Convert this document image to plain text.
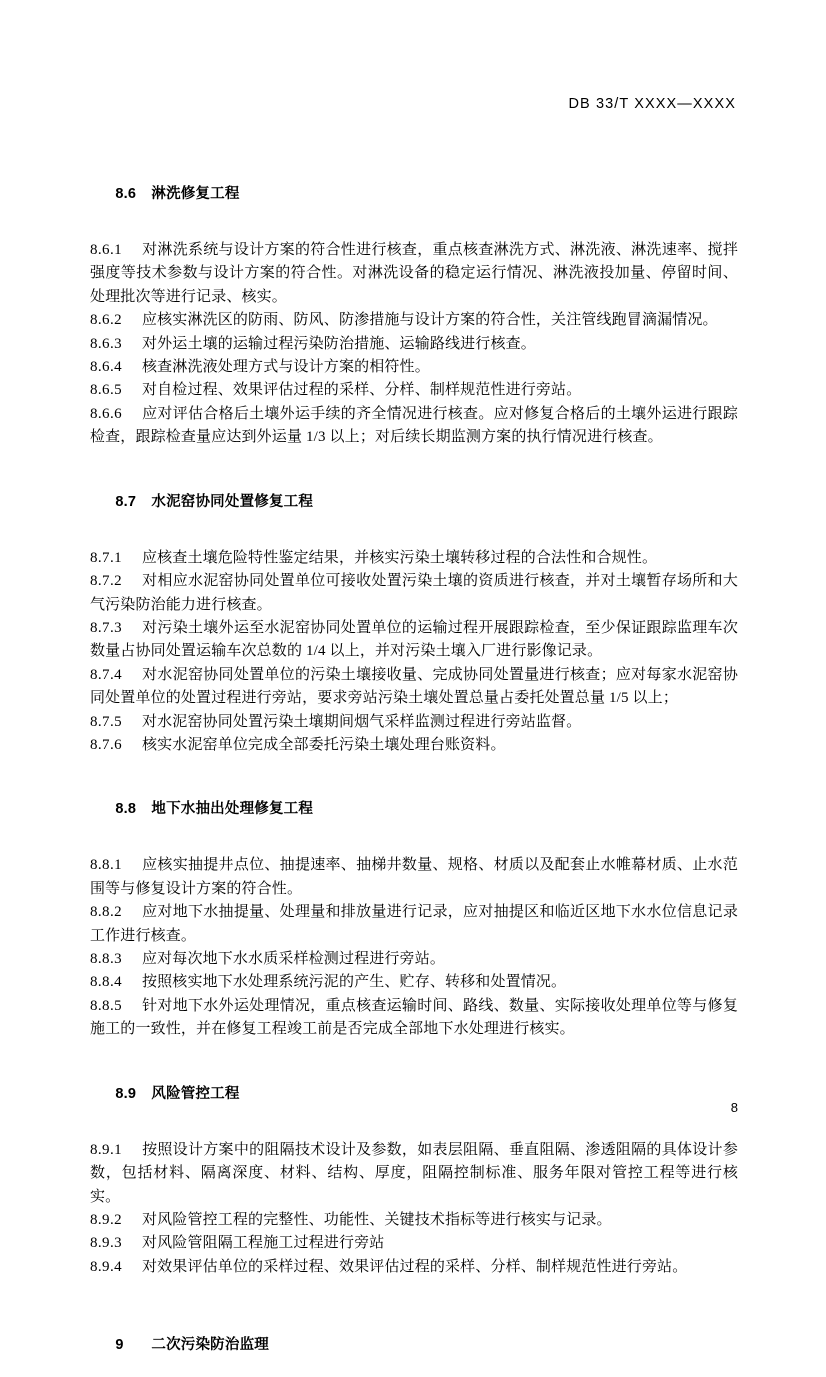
DB 33/T XXXX—XXXX

8.6 淋洗修复工程

8.6.1 对淋洗系统与设计方案的符合性进行核查，重点核查淋洗方式、淋洗液、淋洗速率、搅拌强度等技术参数与设计方案的符合性。对淋洗设备的稳定运行情况、淋洗液投加量、停留时间、处理批次等进行记录、核实。

8.6.2 应核实淋洗区的防雨、防风、防渗措施与设计方案的符合性，关注管线跑冒滴漏情况。

8.6.3 对外运土壤的运输过程污染防治措施、运输路线进行核查。

8.6.4 核查淋洗液处理方式与设计方案的相符性。

8.6.5 对自检过程、效果评估过程的采样、分样、制样规范性进行旁站。

8.6.6 应对评估合格后土壤外运手续的齐全情况进行核查。应对修复合格后的土壤外运进行跟踪检查，跟踪检查量应达到外运量 1/3 以上；对后续长期监测方案的执行情况进行核查。

8.7 水泥窑协同处置修复工程

8.7.1 应核查土壤危险特性鉴定结果，并核实污染土壤转移过程的合法性和合规性。

8.7.2 对相应水泥窑协同处置单位可接收处置污染土壤的资质进行核查，并对土壤暂存场所和大气污染防治能力进行核查。

8.7.3 对污染土壤外运至水泥窑协同处置单位的运输过程开展跟踪检查，至少保证跟踪监理车次数量占协同处置运输车次总数的 1/4 以上，并对污染土壤入厂进行影像记录。

8.7.4 对水泥窑协同处置单位的污染土壤接收量、完成协同处置量进行核查；应对每家水泥窑协同处置单位的处置过程进行旁站，要求旁站污染土壤处置总量占委托处置总量 1/5 以上；

8.7.5 对水泥窑协同处置污染土壤期间烟气采样监测过程进行旁站监督。

8.7.6 核实水泥窑单位完成全部委托污染土壤处理台账资料。

8.8 地下水抽出处理修复工程

8.8.1 应核实抽提井点位、抽提速率、抽梯井数量、规格、材质以及配套止水帷幕材质、止水范围等与修复设计方案的符合性。

8.8.2 应对地下水抽提量、处理量和排放量进行记录，应对抽提区和临近区地下水水位信息记录工作进行核查。

8.8.3 应对每次地下水水质采样检测过程进行旁站。

8.8.4 按照核实地下水处理系统污泥的产生、贮存、转移和处置情况。

8.8.5 针对地下水外运处理情况，重点核查运输时间、路线、数量、实际接收处理单位等与修复施工的一致性，并在修复工程竣工前是否完成全部地下水处理进行核实。

8.9 风险管控工程

8.9.1 按照设计方案中的阻隔技术设计及参数，如表层阻隔、垂直阻隔、渗透阻隔的具体设计参数，包括材料、隔离深度、材料、结构、厚度，阻隔控制标准、服务年限对管控工程等进行核实。

8.9.2 对风险管控工程的完整性、功能性、关键技术指标等进行核实与记录。

8.9.3 对风险管阻隔工程施工过程进行旁站

8.9.4 对效果评估单位的采样过程、效果评估过程的采样、分样、制样规范性进行旁站。

9 二次污染防治监理

8
